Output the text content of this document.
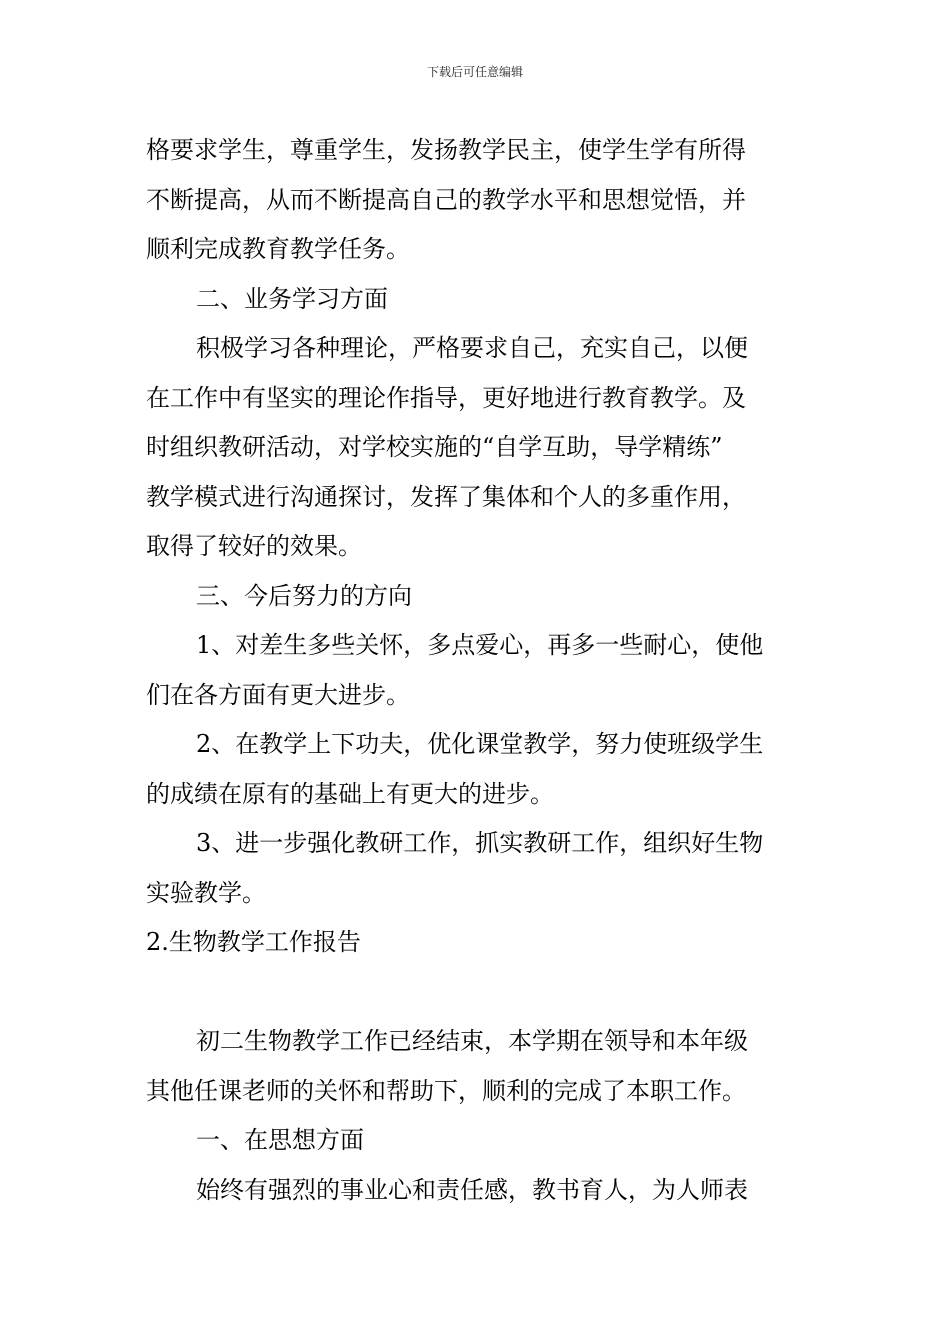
下载后可任意编辑
格要求学生，尊重学生，发扬教学民主，使学生学有所得
不断提高，从而不断提高自己的教学水平和思想觉悟，并
顺利完成教育教学任务。
二、业务学习方面
积极学习各种理论，严格要求自己，充实自己，以便
在工作中有坚实的理论作指导，更好地进行教育教学。及
时组织教研活动，对学校实施的“自学互助，导学精练”
教学模式进行沟通探讨，发挥了集体和个人的多重作用，
取得了较好的效果。
三、今后努力的方向
1、对差生多些关怀，多点爱心，再多一些耐心，使他
们在各方面有更大进步。
2、在教学上下功夫，优化课堂教学，努力使班级学生
的成绩在原有的基础上有更大的进步。
3、进一步强化教研工作，抓实教研工作，组织好生物
实验教学。
2.生物教学工作报告
初二生物教学工作已经结束，本学期在领导和本年级
其他任课老师的关怀和帮助下，顺利的完成了本职工作。
一、在思想方面
始终有强烈的事业心和责任感，教书育人，为人师表
